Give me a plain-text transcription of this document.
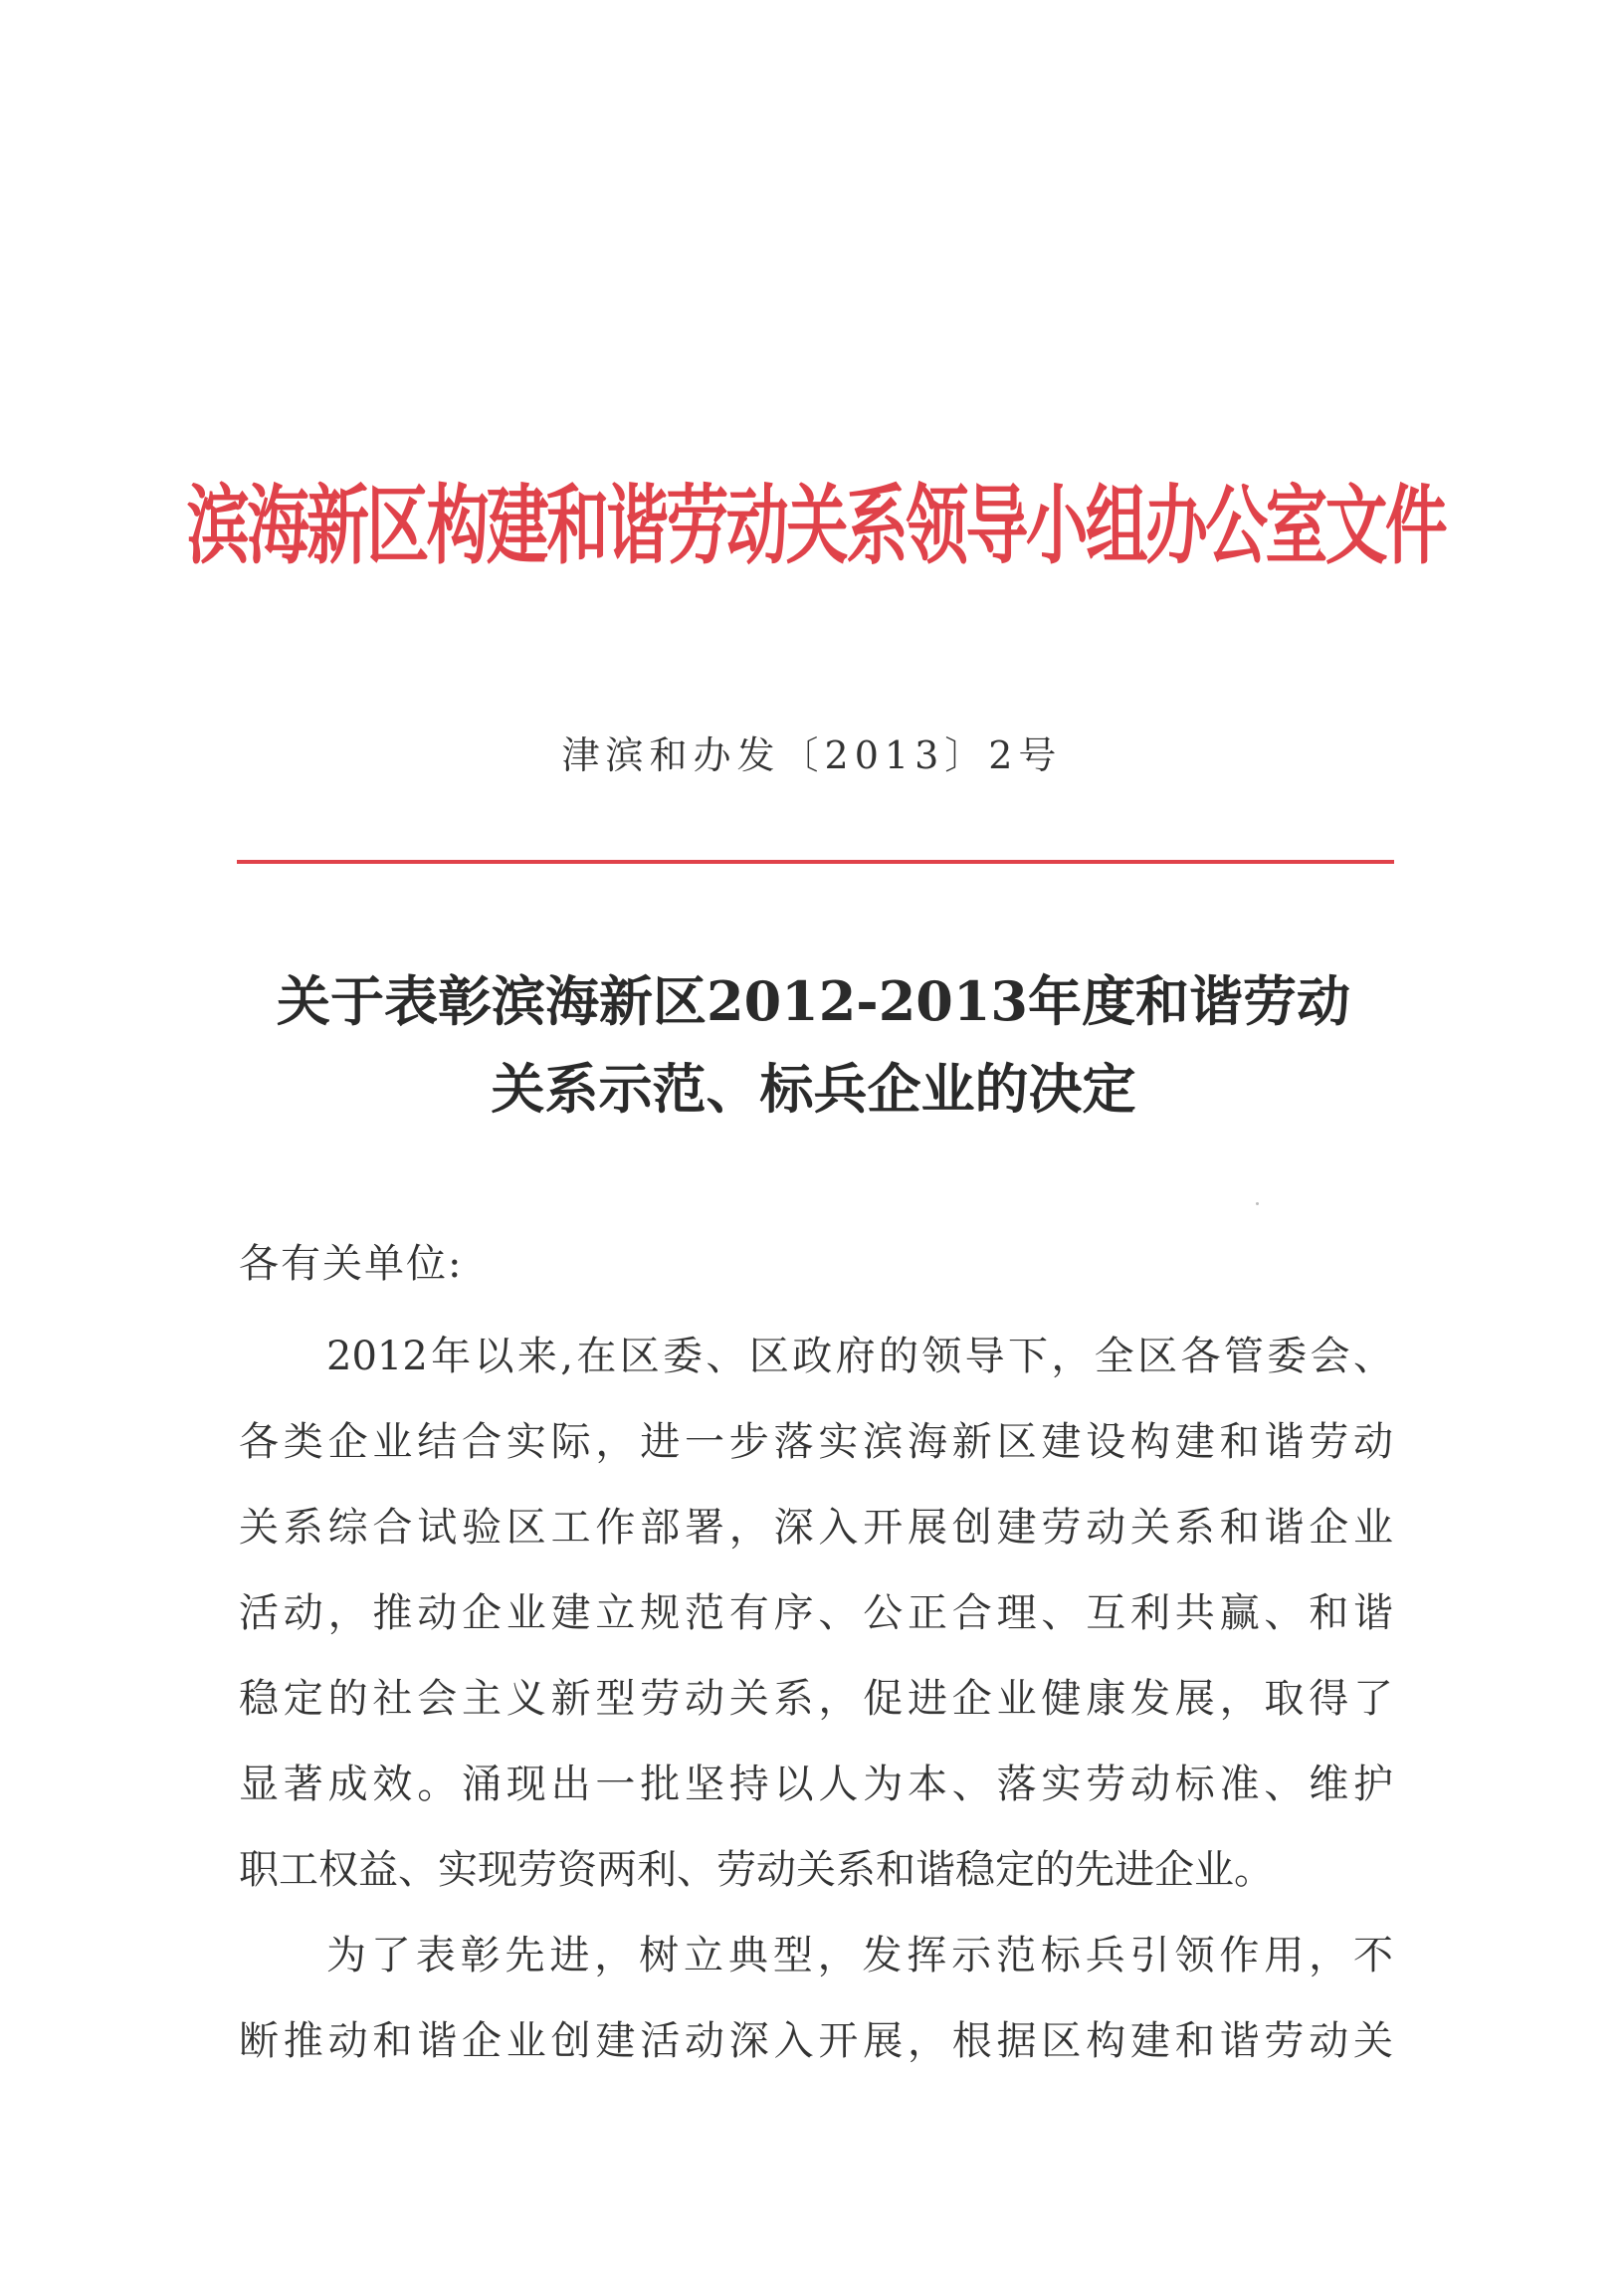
滨海新区构建和谐劳动关系领导小组办公室文件
津滨和办发〔2013〕2号
关于表彰滨海新区2012-2013年度和谐劳动
关系示范、标兵企业的决定
各有关单位:
2012年以来,在区委、区政府的领导下，全区各管委会、
各类企业结合实际，进一步落实滨海新区建设构建和谐劳动
关系综合试验区工作部署，深入开展创建劳动关系和谐企业
活动，推动企业建立规范有序、公正合理、互利共赢、和谐
稳定的社会主义新型劳动关系，促进企业健康发展，取得了
显著成效。涌现出一批坚持以人为本、落实劳动标准、维护
职工权益、实现劳资两利、劳动关系和谐稳定的先进企业。
为了表彰先进，树立典型，发挥示范标兵引领作用，不
断推动和谐企业创建活动深入开展，根据区构建和谐劳动关
